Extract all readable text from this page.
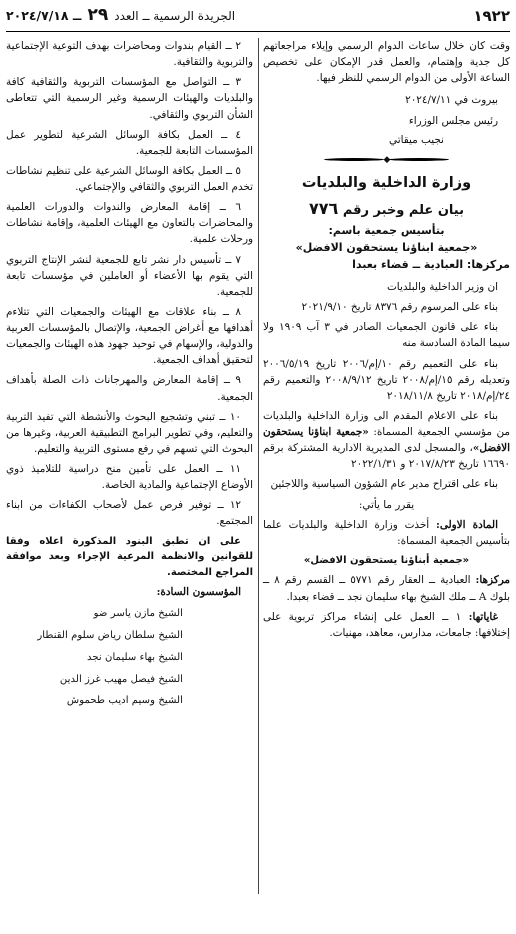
١٩٢٢
الجريدة الرسمية ــ العدد
٢٩
ــ ٢٠٢٤/٧/١٨

وقت كان خلال ساعات الدوام الرسمي وإيلاء مراجعاتهم كل جدية وإهتمام، والعمل قدر الإمكان على تخصيص الساعة الأولى من الدوام الرسمي للنظر فيها.

بيروت في ٢٠٢٤/٧/١١

رئيس مجلس الوزراء

نجيب ميقاتي

◆
وزارة الداخلية والبلديات
بيان علم وخبر رقم ٧٧٦
بتأسيس جمعية باسم:
«جمعية ابناؤنا يستحقون الافضل»
مركزها: العبادية ــ قضاء بعبدا

ان وزير الداخلية والبلديات

بناء على المرسوم رقم ٨٣٧٦ تاريخ ٢٠٢١/٩/١٠

بناء على قانون الجمعيات الصادر في ٣ آب ١٩٠٩ ولا سيما المادة السادسة منه

بناء على التعميم رقم ١٠/إم/٢٠٠٦ تاريخ ٢٠٠٦/٥/١٩ وتعديله رقم ١٥/إم/٢٠٠٨ تاريخ ٢٠٠٨/٩/١٢ والتعميم رقم ٢٤/إم/٢٠١٨ تاريخ ٢٠١٨/١١/٨

بناء على الاعلام المقدم الى وزارة الداخلية والبلديات من مؤسسي الجمعية المسماة: «جمعية ابناؤنا يستحقون الافضل»، والمسجل لدى المديرية الادارية المشتركة برقم ١٦٦٩٠ تاريخ ٢٠١٧/٨/٢٣ و ٢٠٢٢/١/٣١

بناء على اقتراح مدير عام الشؤون السياسية واللاجئين

يقرر ما يأتي:

المادة الاولى: أخذت وزارة الداخلية والبلديات علما بتأسيس الجمعية المسماة:

«جمعية أبناؤنا يستحقون الافضل»

مركزها: العبادية ــ العقار رقم ٥٧٧١ ــ القسم رقم ٨ ــ بلوك A ــ ملك الشيخ بهاء سليمان نجد ــ قضاء بعبدا.

غاياتها: ١ ــ العمل على إنشاء مراكز تربوية على إختلافها: جامعات، مدارس، معاهد، مهنيات.

٢ ــ القيام بندوات ومحاضرات بهدف التوعية الإجتماعية والتربوية والثقافية.

٣ ــ التواصل مع المؤسسات التربوية والثقافية كافة والبلديات والهيئات الرسمية وغير الرسمية التي تتعاطى الشأن التربوي والثقافي.

٤ ــ العمل بكافة الوسائل الشرعية لتطوير عمل المؤسسات التابعة للجمعية.

٥ ــ العمل بكافة الوسائل الشرعية على تنظيم نشاطات تخدم العمل التربوي والثقافي والإجتماعي.

٦ ــ إقامة المعارض والندوات والدورات العلمية والمحاضرات بالتعاون مع الهيئات العلمية، وإقامة نشاطات ورحلات علمية.

٧ ــ تأسيس دار نشر تابع للجمعية لنشر الإنتاج التربوي التي يقوم بها الأعضاء أو العاملين في مؤسسات تابعة للجمعية.

٨ ــ بناء علاقات مع الهيئات والجمعيات التي تتلاءم أهدافها مع أغراض الجمعية، والإتصال بالمؤسسات العربية والدولية، والإسهام في توحيد جهود هذه الهيئات والجمعيات لتحقيق أهداف الجمعية.

٩ ــ إقامة المعارض والمهرجانات ذات الصلة بأهداف الجمعية.

١٠ ــ تبني وتشجيع البحوث والأنشطة التي تفيد التربية والتعليم، وفي تطوير البرامج التطبيقية العربية، وغيرها من البحوث التي تسهم في رفع مستوى التربية والتعليم.

١١ ــ العمل على تأمين منح دراسية للتلاميذ ذوي الأوضاع الإجتماعية والمادية الخاصة.

١٢ ــ توفير فرص عمل لأصحاب الكفاءات من ابناء المجتمع.

على ان تطبق البنود المذكورة اعلاه وفقا للقوانين والانظمة المرعية الإجراء وبعد موافقة المراجع المختصة.

المؤسسون السادة:

الشيخ مازن ياسر ضو
الشيخ سلطان رياض سلوم القنطار
الشيخ بهاء سليمان نجد
الشيخ فيصل مهيب غرز الدين
الشيخ وسيم اديب طحموش
